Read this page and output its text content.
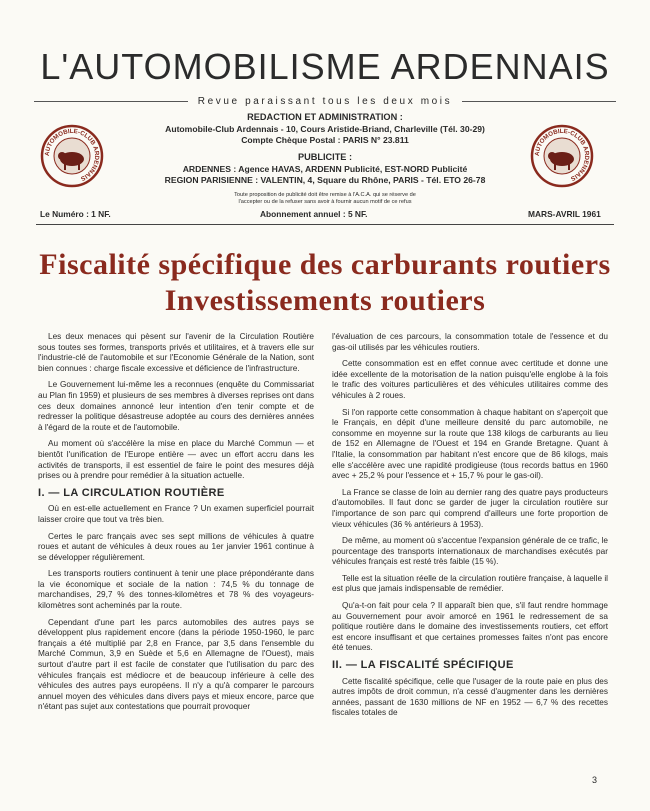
L'AUTOMOBILISME ARDENNAIS
Revue paraissant tous les deux mois
REDACTION ET ADMINISTRATION :
Automobile-Club Ardennais - 10, Cours Aristide-Briand, Charleville (Tél. 30-29)
Compte Chèque Postal : PARIS N° 23.811
PUBLICITE :
ARDENNES : Agence HAVAS, ARDENN Publicité, EST-NORD Publicité
REGION PARISIENNE : VALENTIN, 4, Square du Rhône, PARIS - Tél. ETO 26-78
Toute proposition de publicité doit être remise à l'A.C.A. qui se réserve de
l'accepter ou de la refuser sans avoir à fournir aucun motif de ce refus
AUTOMOBILE-CLUB ARDENNAIS
AUTOMOBILE-CLUB ARDENNAIS
Le Numéro : 1 NF.	Abonnement annuel : 5 NF.	MARS-AVRIL 1961
Fiscalité spécifique des carburants routiers
Investissements routiers

Les deux menaces qui pèsent sur l'avenir de la Circulation Routière sous toutes ses formes, transports privés et utilitaires, et à travers elle sur l'industrie-clé de l'automobile et sur l'Economie Générale de la Nation, sont bien connues : charge fiscale excessive et déficience de l'infrastructure.

Le Gouvernement lui-même les a reconnues (enquête du Commissariat au Plan fin 1959) et plusieurs de ses membres à diverses reprises ont dans ces deux domaines annoncé leur intention d'en tenir compte et de redresser la politique désastreuse adoptée au cours des dernières années à l'égard de la route et de l'automobile.

Au moment où s'accélère la mise en place du Marché Commun — et bientôt l'unification de l'Europe entière — avec un effort accru dans les activités de transports, il est essentiel de faire le point des mesures déjà prises ou à prendre pour remédier à la situation actuelle.

I. — LA CIRCULATION ROUTIÈRE

Où en est-elle actuellement en France ? Un examen superficiel pourrait laisser croire que tout va très bien.

Certes le parc français avec ses sept millions de véhicules à quatre roues et autant de véhicules à deux roues au 1er janvier 1961 continue à se développer régulièrement.

Les transports routiers continuent à tenir une place prépondérante dans la vie économique et sociale de la nation : 74,5 % du tonnage de marchandises, 29,7 % des tonnes-kilomètres et 78 % des voyageurs-kilomètres sont acheminés par la route.

Cependant d'une part les parcs automobiles des autres pays se développent plus rapidement encore (dans la période 1950-1960, le parc français a été multiplié par 2,8 en France, par 3,5 dans l'ensemble du Marché Commun, 3,9 en Suède et 5,6 en Allemagne de l'Ouest), mais surtout d'autre part il est facile de constater que l'utilisation du parc des véhicules français est médiocre et de beaucoup inférieure à celle des véhicules des autres pays européens. Il n'y a qu'à comparer le parcours annuel moyen des véhicules dans divers pays et mieux encore, parce que n'étant pas sujet aux contestations que pourrait provoquer

l'évaluation de ces parcours, la consommation totale de l'essence et du gas-oil utilisés par les véhicules routiers.

Cette consommation est en effet connue avec certitude et donne une idée excellente de la motorisation de la nation puisqu'elle englobe à la fois le trafic des voitures particulières et des véhicules utilitaires comme des véhicules à 2 roues.

Si l'on rapporte cette consommation à chaque habitant on s'aperçoit que le Français, en dépit d'une meilleure densité du parc automobile, ne consomme en moyenne sur la route que 138 kilogs de carburants au lieu de 152 en Allemagne de l'Ouest et 194 en Grande Bretagne. Quant à l'Italie, la consommation par habitant n'est encore que de 86 kilogs, mais elle s'accélère avec une rapidité prodigieuse (tous records battus en 1960 avec + 25,2 % pour l'essence et + 15,7 % pour le gas-oil).

La France se classe de loin au dernier rang des quatre pays producteurs d'automobiles. Il faut donc se garder de juger la circulation routière sur l'importance de son parc qui comprend d'ailleurs une forte proportion de vieux véhicules (36 % antérieurs à 1953).

De même, au moment où s'accentue l'expansion générale de ce trafic, le pourcentage des transports internationaux de marchandises exécutés par véhicules français est resté très faible (15 %).

Telle est la situation réelle de la circulation routière française, à laquelle il est plus que jamais indispensable de remédier.

Qu'a-t-on fait pour cela ? Il apparaît bien que, s'il faut rendre hommage au Gouvernement pour avoir amorcé en 1961 le redressement de sa politique routière dans le domaine des investissements routiers, cet effort est encore insuffisant et que certaines promesses faites n'ont pas encore été tenues.

II. — LA FISCALITÉ SPÉCIFIQUE

Cette fiscalité spécifique, celle que l'usager de la route paie en plus des autres impôts de droit commun, n'a cessé d'augmenter dans les dernières années, passant de 1630 millions de NF en 1952 — 6,7 % des recettes fiscales totales de

3
